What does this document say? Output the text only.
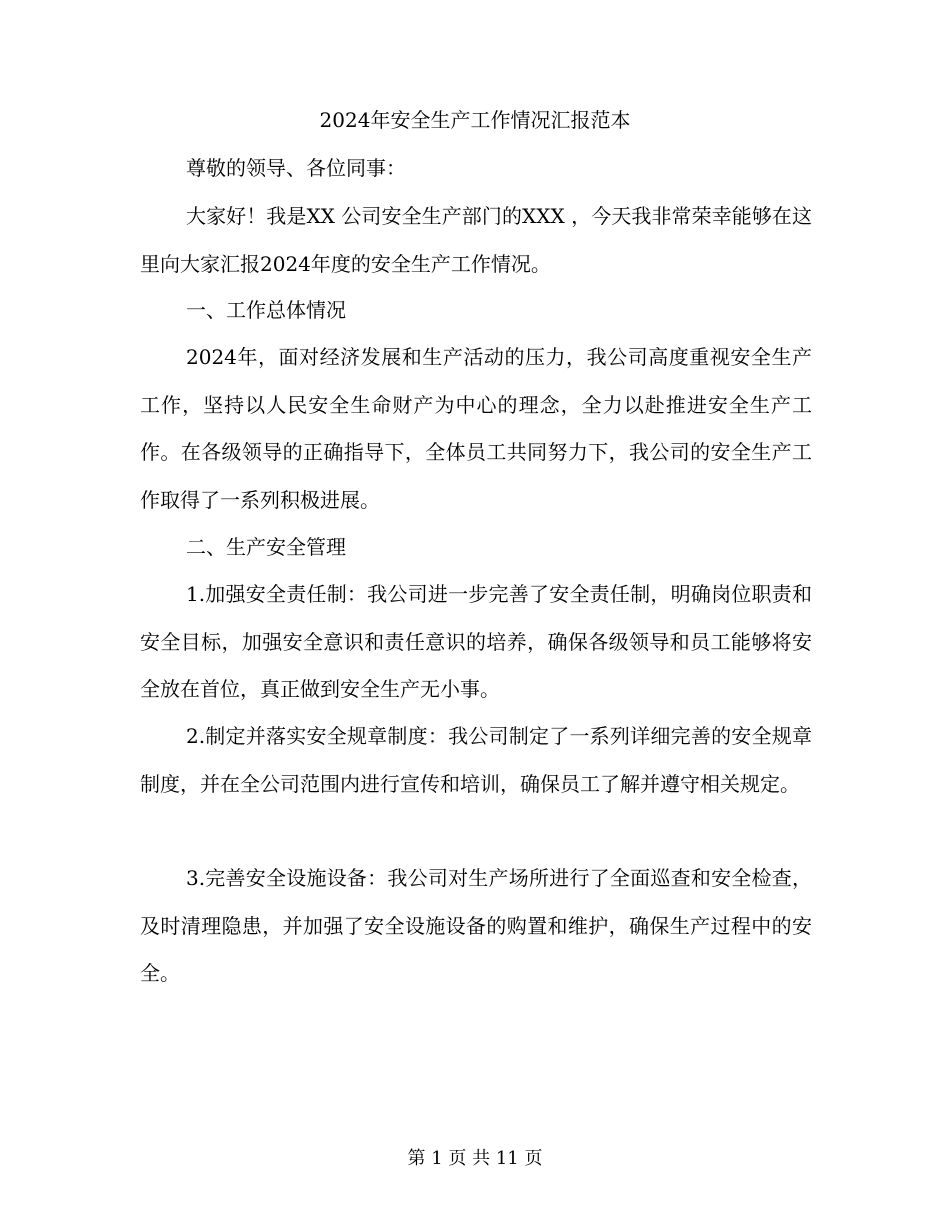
2024年安全生产工作情况汇报范本

尊敬的领导、各位同事：

大家好！我是XX 公司安全生产部门的XXX ，今天我非常荣幸能够在这里向大家汇报2024年度的安全生产工作情况。

一、工作总体情况

2024年，面对经济发展和生产活动的压力，我公司高度重视安全生产工作，坚持以人民安全生命财产为中心的理念，全力以赴推进安全生产工作。在各级领导的正确指导下，全体员工共同努力下，我公司的安全生产工作取得了一系列积极进展。

二、生产安全管理

1.加强安全责任制：我公司进一步完善了安全责任制，明确岗位职责和安全目标，加强安全意识和责任意识的培养，确保各级领导和员工能够将安全放在首位，真正做到安全生产无小事。

2.制定并落实安全规章制度：我公司制定了一系列详细完善的安全规章制度，并在全公司范围内进行宣传和培训，确保员工了解并遵守相关规定。

3.完善安全设施设备：我公司对生产场所进行了全面巡查和安全检查，及时清理隐患，并加强了安全设施设备的购置和维护，确保生产过程中的安全。

第 1 页 共 11 页
